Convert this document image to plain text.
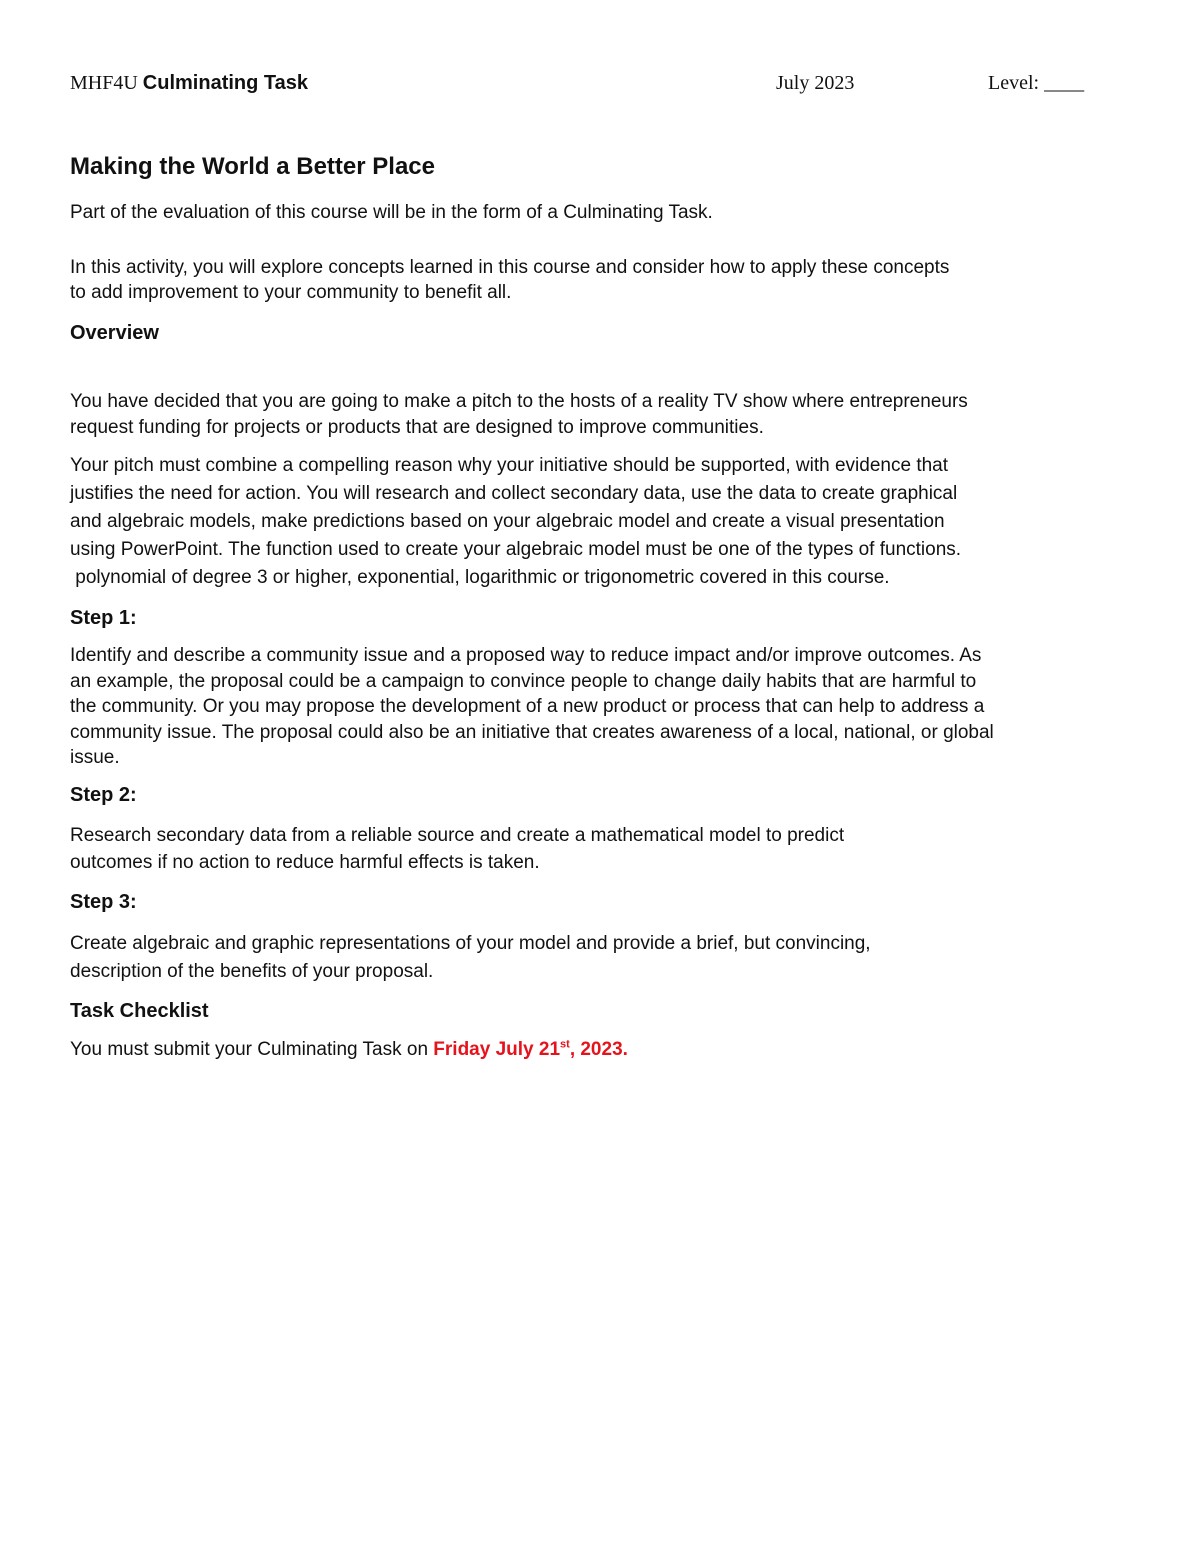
MHF4U Culminating Task	July 2023	Level: ____
Making the World a Better Place

Part of the evaluation of this course will be in the form of a Culminating Task.

In this activity, you will explore concepts learned in this course and consider how to apply these concepts
to add improvement to your community to benefit all.

Overview

You have decided that you are going to make a pitch to the hosts of a reality TV show where entrepreneurs
request funding for projects or products that are designed to improve communities.

Your pitch must combine a compelling reason why your initiative should be supported, with evidence that
justifies the need for action. You will research and collect secondary data, use the data to create graphical
and algebraic models, make predictions based on your algebraic model and create a visual presentation
using PowerPoint. The function used to create your algebraic model must be one of the types of functions.
polynomial of degree 3 or higher, exponential, logarithmic or trigonometric covered in this course.

Step 1:

Identify and describe a community issue and a proposed way to reduce impact and/or improve outcomes. As
an example, the proposal could be a campaign to convince people to change daily habits that are harmful to
the community. Or you may propose the development of a new product or process that can help to address a
community issue. The proposal could also be an initiative that creates awareness of a local, national, or global
issue.

Step 2:

Research secondary data from a reliable source and create a mathematical model to predict
outcomes if no action to reduce harmful effects is taken.

Step 3:

Create algebraic and graphic representations of your model and provide a brief, but convincing,
description of the benefits of your proposal.

Task Checklist

You must submit your Culminating Task on Friday July 21st, 2023.
